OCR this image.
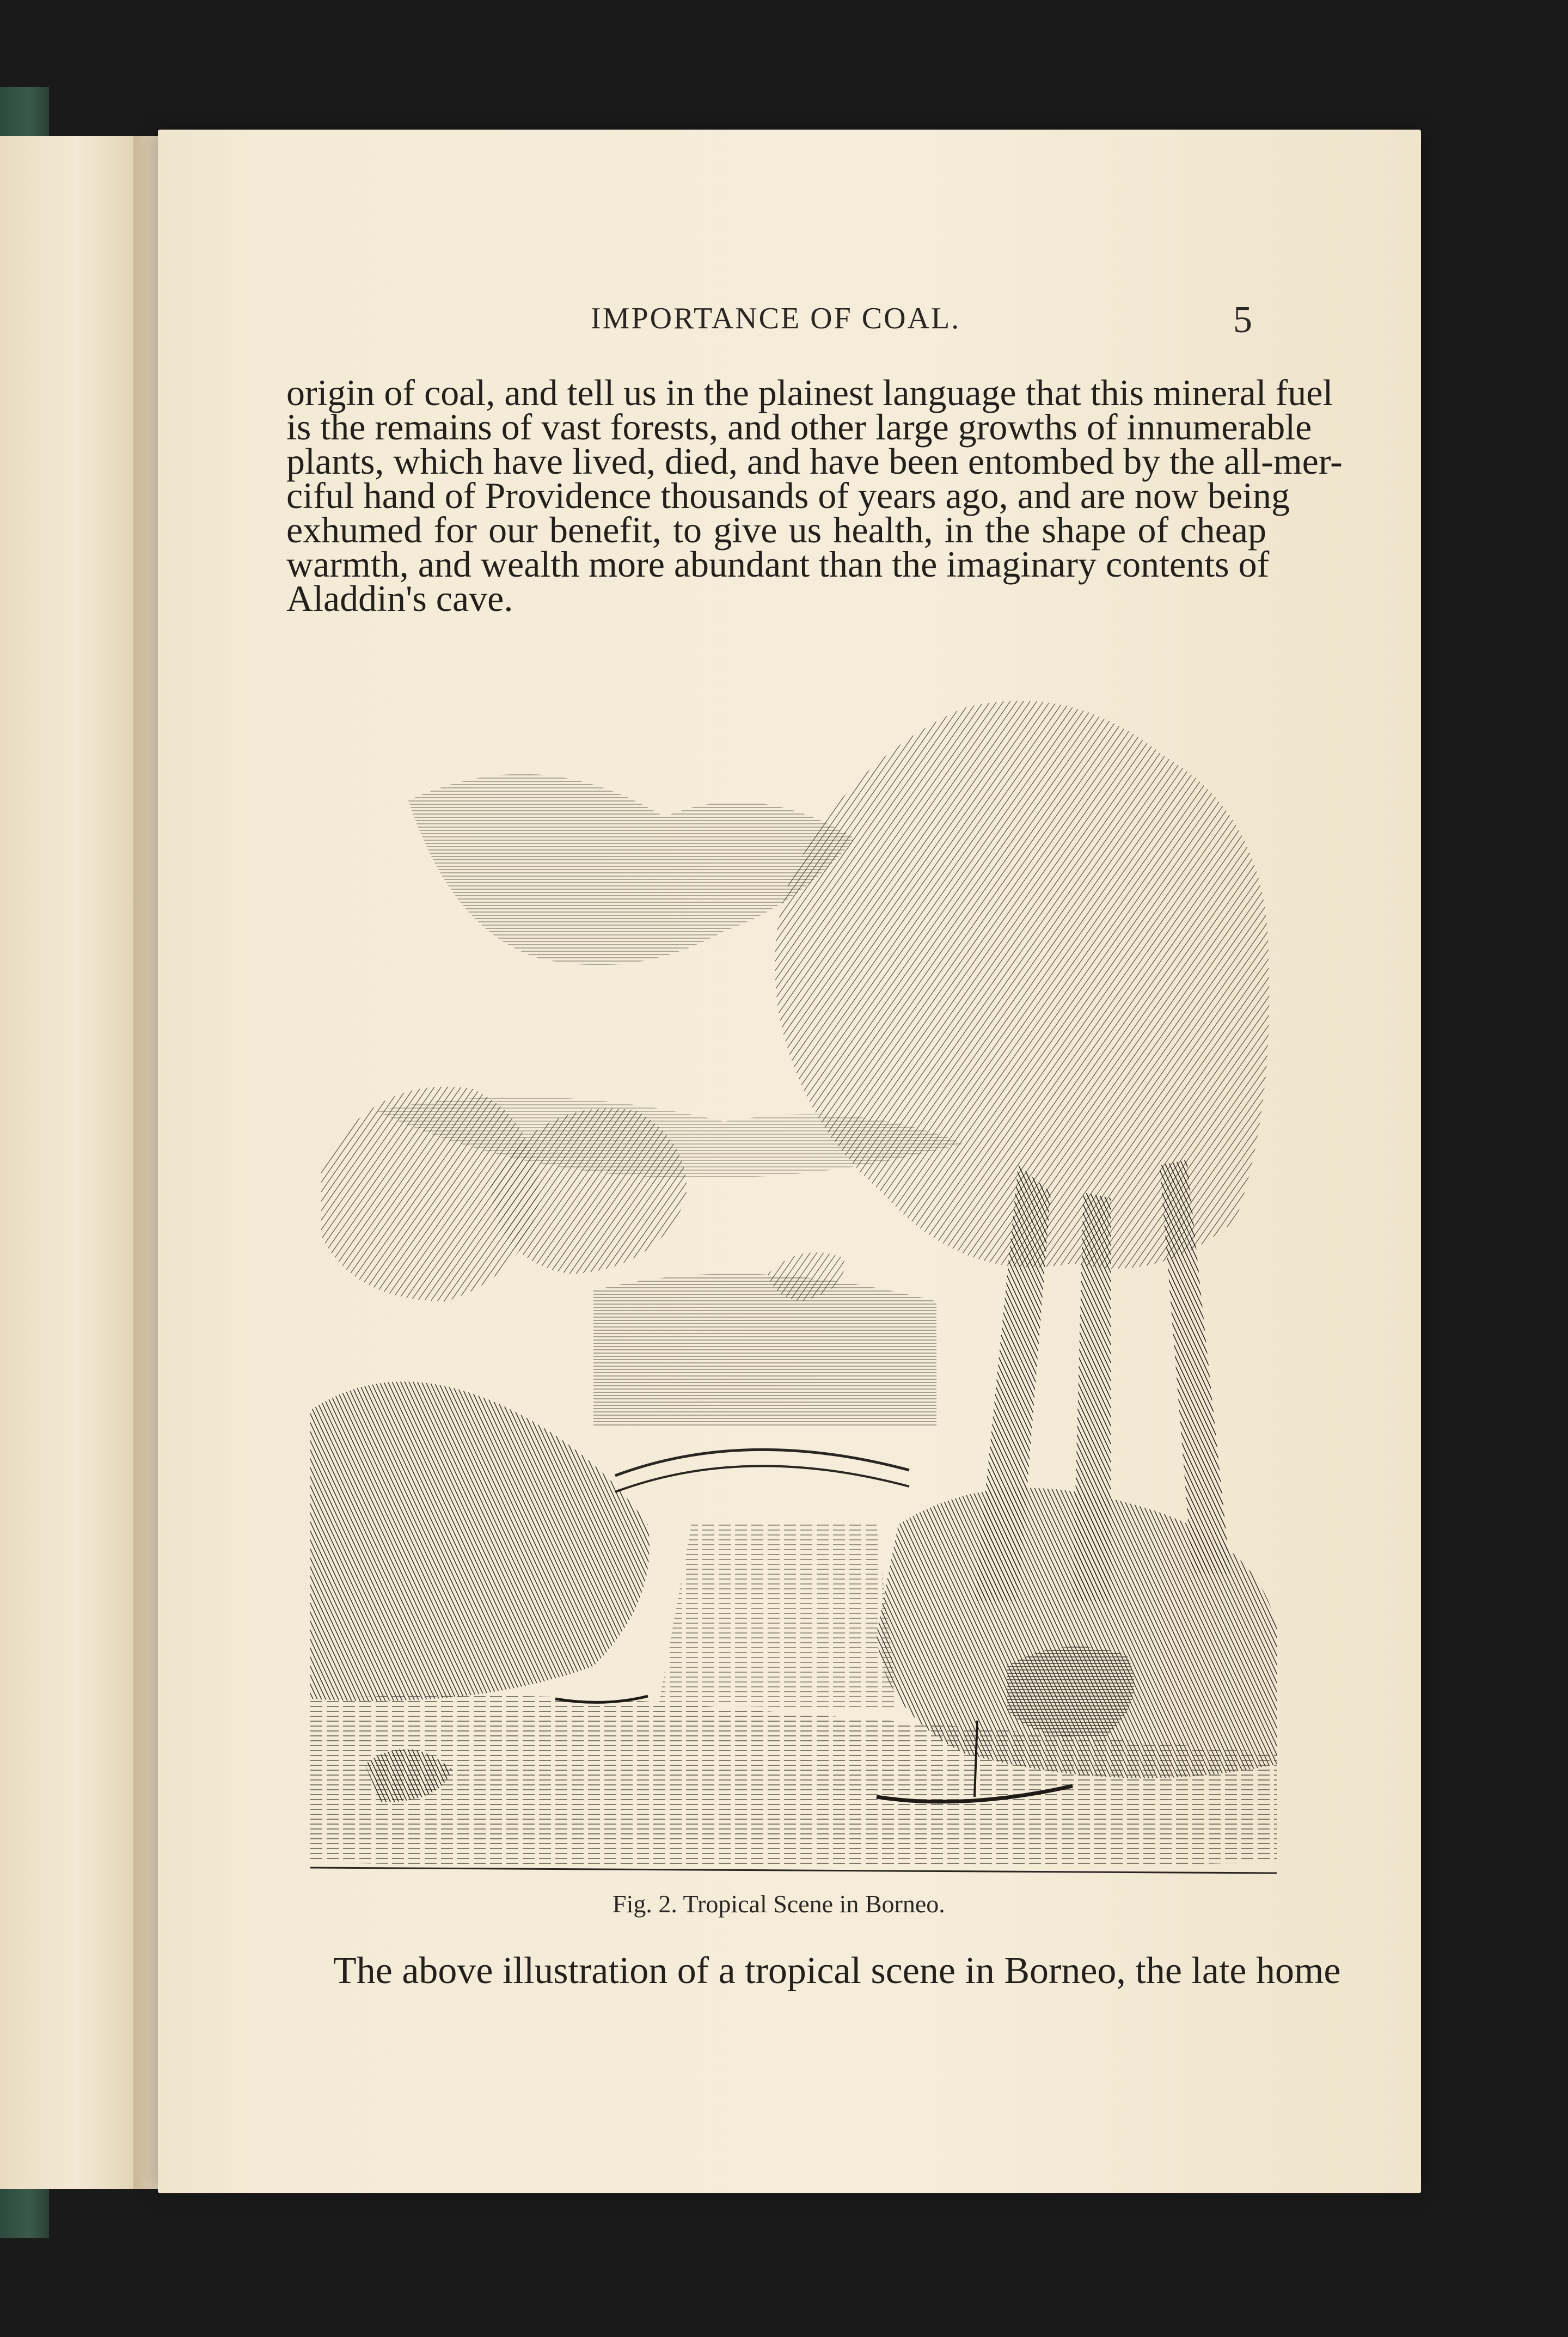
IMPORTANCE OF COAL.	5
origin of coal, and tell us in the plainest language that this mineral fuel
is the remains of vast forests, and other large growths of innumerable
plants, which have lived, died, and have been entombed by the all-mer-
ciful hand of Providence thousands of years ago, and are now being
exhumed for our benefit, to give us health, in the shape of cheap
warmth, and wealth more abundant than the imaginary contents of
Aladdin's cave.
Fig. 2. Tropical Scene in Borneo.
The above illustration of a tropical scene in Borneo, the late home
